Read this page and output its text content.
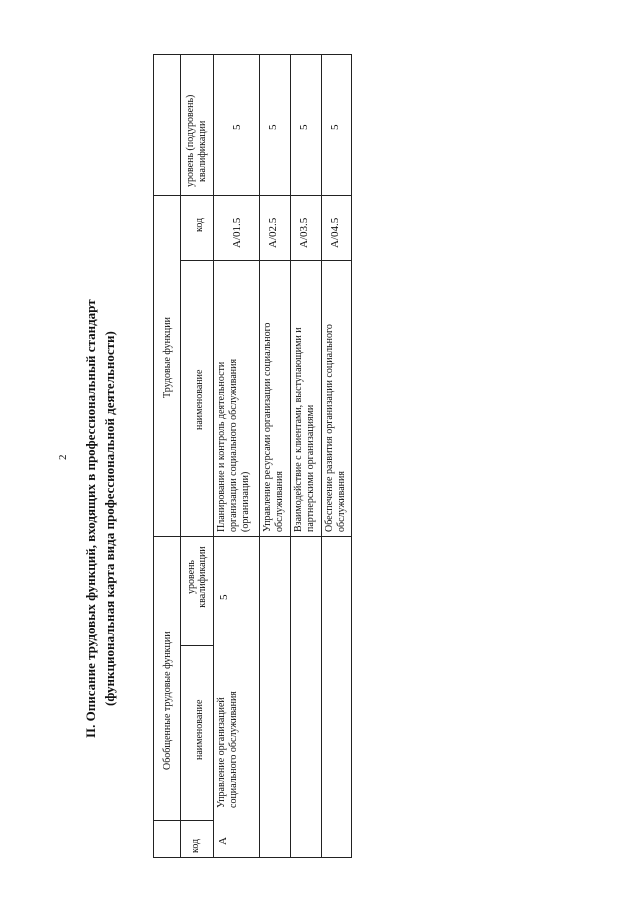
2 II. Описание трудовых функций, входящих в профессиональный стандарт (функциональная карта вида профессиональной деятельности)	Обобщенные трудовые функции
Трудовые функции
код
наименование
уровень квалификации
наименование
код
уровень (подуровень) квалификации
А
Управление организацией социального обслуживания
5
Планирование и контроль деятельности организации социального обслуживания (организации)
А/01.5
5
Управление ресурсами организации социального обслуживания
А/02.5
5
Взаимодействие с клиентами, выступающими и партнерскими организациями
А/03.5
5
Обеспечение развития организации социального обслуживания
А/04.5
5
